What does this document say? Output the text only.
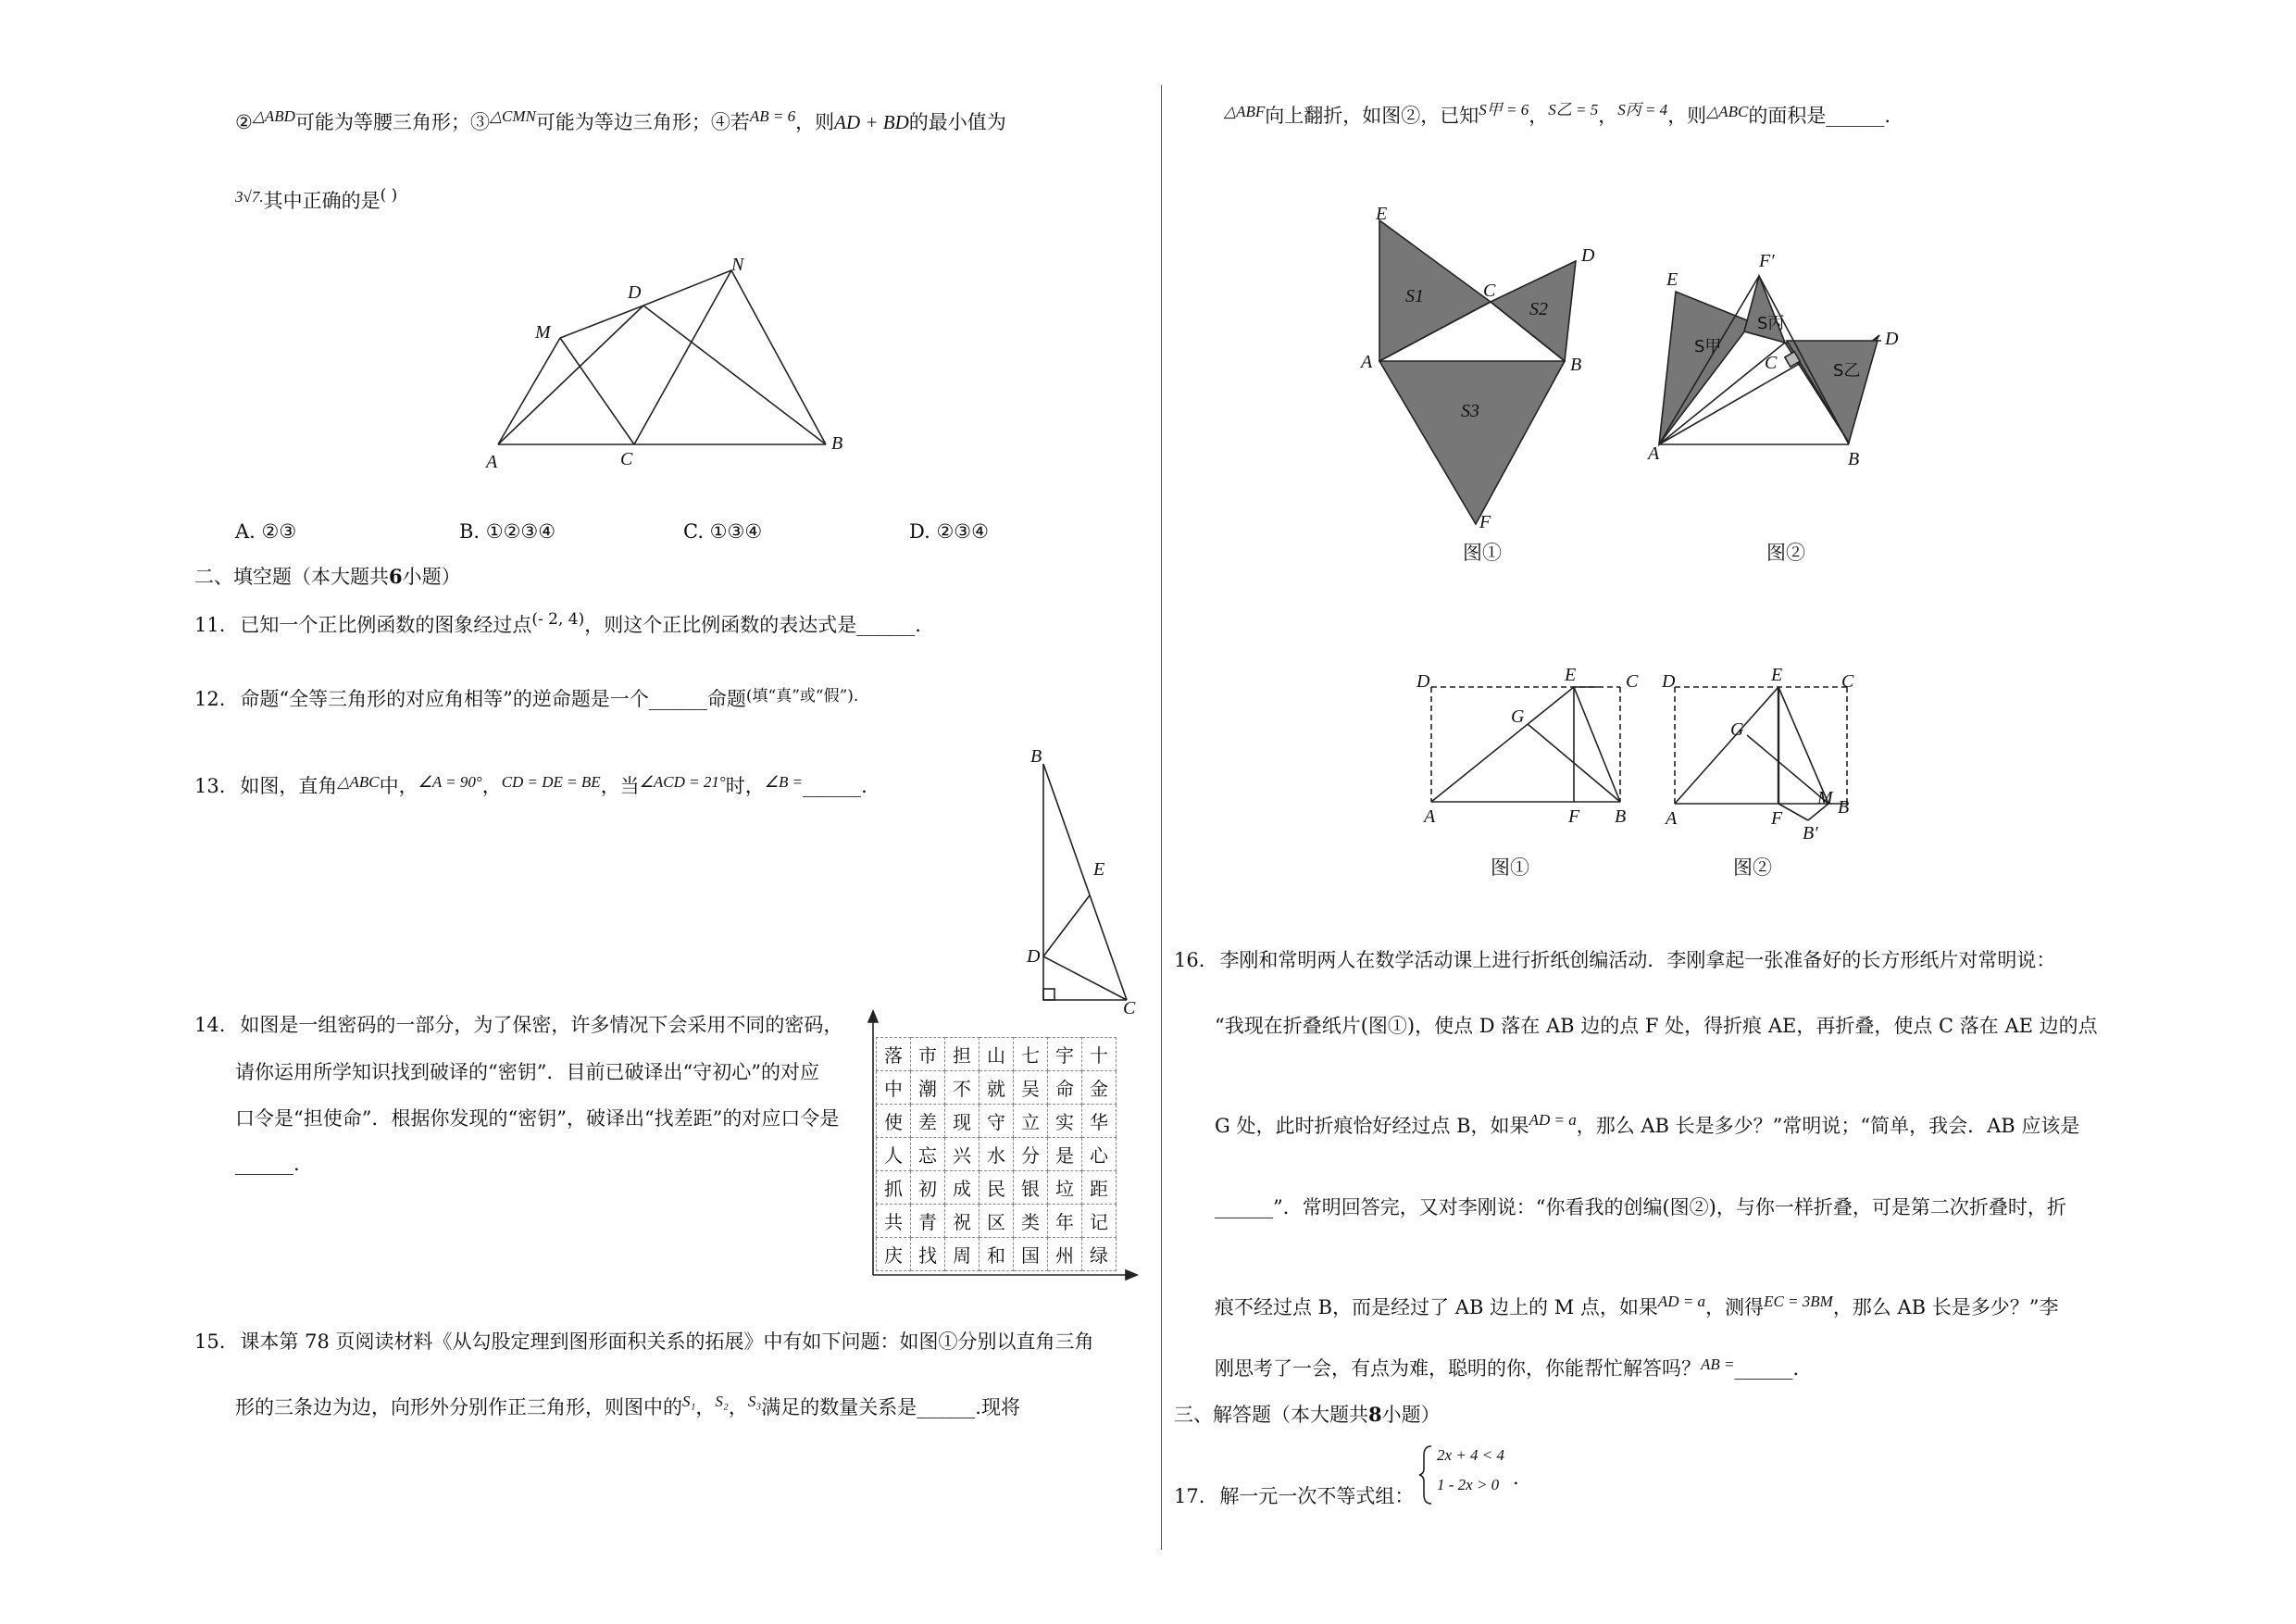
②$^{\triangle ABD}$可能为等腰三角形；③$^{\triangle CMN}$可能为等边三角形；④若$^{AB = 6}$，则AD + BD的最小值为
$^{3√7.}$其中正确的是( )
M
D
N
A	C
B
A. ②③	B. ①②③④	C. ①③④	D. ②③④
二、填空题（本大题共6小题）
11. 已知一个正比例函数的图象经过点$^{(- 2, 4)}$，则这个正比例函数的表达式是______.
12. 命题“全等三角形的对应角相等”的逆命题是一个______命题$^{(填“真”或“假”).}$
13. 如图，直角$^{\triangle ABC}$中，$^{\angle A = 90^\circ}$，$^{CD = DE = BE}$，当$^{\angle ACD = 21^\circ}$时，$^{\angle B =}$______.
B
E
D
C
14. 如图是一组密码的一部分，为了保密，许多情况下会采用不同的密码，
请你运用所学知识找到破译的“密钥”．目前已破译出“守初心”的对应
口令是“担使命”．根据你发现的“密钥”，破译出“找差距”的对应口令是
______.
落	市	担	山	七	宇	十
中	潮	不	就	吴	命	金
使	差	现	守	立	实	华
人	忘	兴	水	分	是	心
抓	初	成	民	银	垃	距
共	青	祝	区	类	年	记
庆	找	周	和	国	州	绿
15. 课本第 78 页阅读材料《从勾股定理到图形面积关系的拓展》中有如下问题：如图①分别以直角三角
形的三条边为边，向形外分别作正三角形，则图中的$^{S_1}$，$^{S_2}$，$^{S_3}$满足的数量关系是______.现将
$^{\triangle ABF}$向上翻折，如图②，已知$^{S甲 = 6}$，$^{S乙 = 5}$，$^{S丙 = 4}$，则$^{\triangle ABC}$的面积是______.
E
C
D
A	B
F
S1
S2
S3
图①
E
F′
C
D
A	B
S甲
S丙
S乙
图②
D	E	C
G
A	F B
图①
D	E	C
G
A	F
M B
B′
图②
16. 李刚和常明两人在数学活动课上进行折纸创编活动．李刚拿起一张准备好的长方形纸片对常明说：
“我现在折叠纸片(图①)，使点 D 落在 AB 边的点 F 处，得折痕 AE，再折叠，使点 C 落在 AE 边的点
G 处，此时折痕恰好经过点 B，如果$^{AD = a}$，那么 AB 长是多少？”常明说；“简单，我会．AB 应该是
______”．常明回答完，又对李刚说：“你看我的创编(图②)，与你一样折叠，可是第二次折叠时，折
痕不经过点 B，而是经过了 AB 边上的 M 点，如果$^{AD = a}$，测得$^{EC = 3BM}$，那么 AB 长是多少？”李
刚思考了一会，有点为难，聪明的你，你能帮忙解答吗？$^{AB =}$______.
三、解答题（本大题共8小题）
17. 解一元一次不等式组：
2x + 4 < 4
1 - 2x > 0 .
